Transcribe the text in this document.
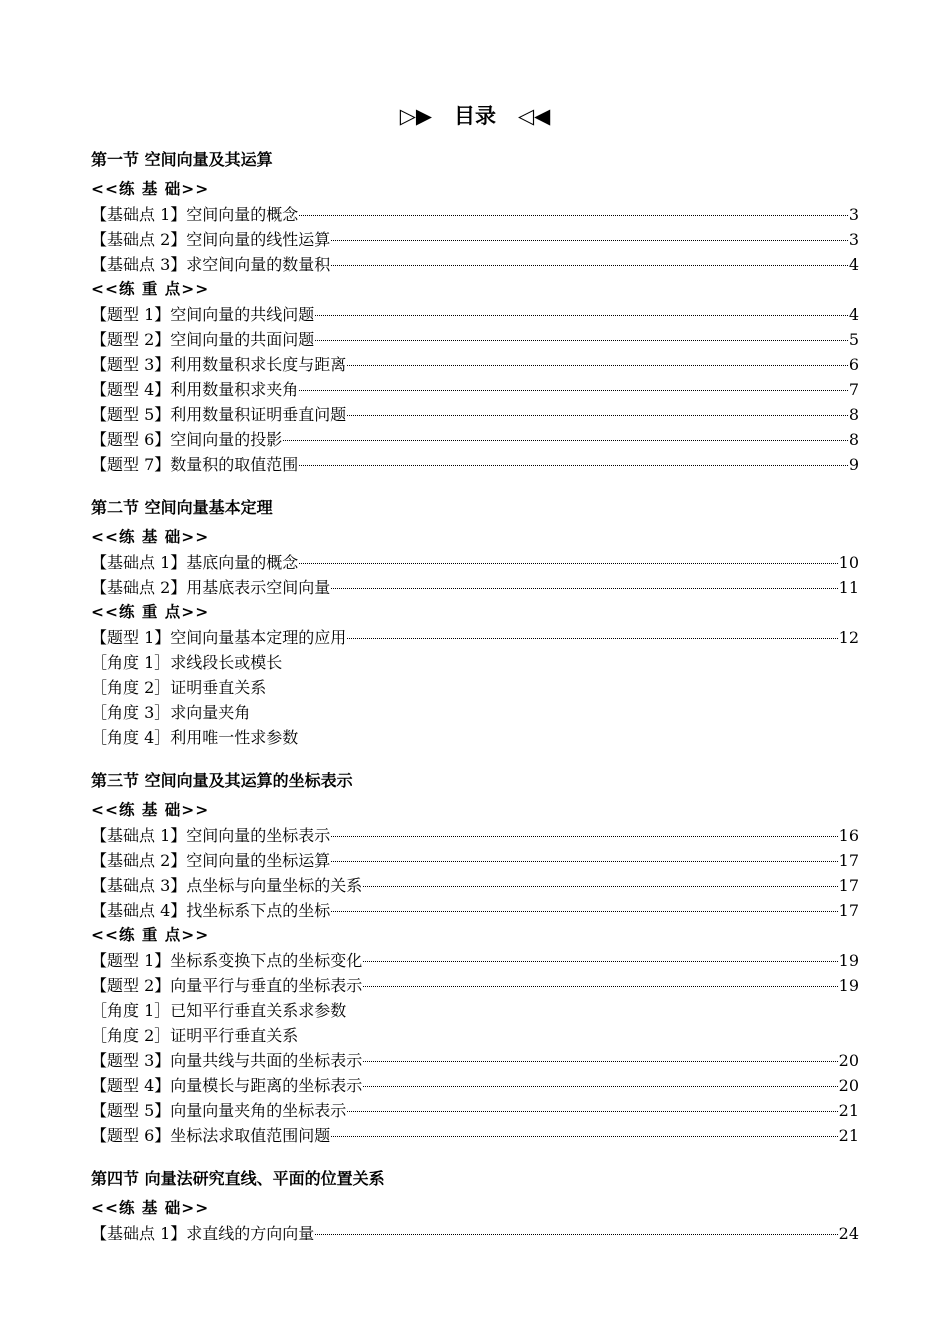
▷▶ 目录 ◁◀
第一节 空间向量及其运算
<<练 基 础>>
【基础点 1】 空间向量的概念	3
【基础点 2】 空间向量的线性运算	3
【基础点 3】 求空间向量的数量积	4
<<练 重 点>>
【题型 1】 空间向量的共线问题	4
【题型 2】 空间向量的共面问题	5
【题型 3】 利用数量积求长度与距离	6
【题型 4】 利用数量积求夹角	7
【题型 5】 利用数量积证明垂直问题	8
【题型 6】 空间向量的投影	8
【题型 7】 数量积的取值范围	9
第二节 空间向量基本定理
<<练 基 础>>
【基础点 1】 基底向量的概念	10
【基础点 2】 用基底表示空间向量	11
<<练 重 点>>
【题型 1】 空间向量基本定理的应用	12
［角度 1］ 求线段长或模长
［角度 2］ 证明垂直关系
［角度 3］ 求向量夹角
［角度 4］ 利用唯一性求参数
第三节 空间向量及其运算的坐标表示
<<练 基 础>>
【基础点 1】 空间向量的坐标表示	16
【基础点 2】 空间向量的坐标运算	17
【基础点 3】 点坐标与向量坐标的关系	17
【基础点 4】 找坐标系下点的坐标	17
<<练 重 点>>
【题型 1】 坐标系变换下点的坐标变化	19
【题型 2】 向量平行与垂直的坐标表示	19
［角度 1］ 已知平行垂直关系求参数
［角度 2］ 证明平行垂直关系
【题型 3】 向量共线与共面的坐标表示	20
【题型 4】 向量模长与距离的坐标表示	20
【题型 5】 向量向量夹角的坐标表示	21
【题型 6】 坐标法求取值范围问题	21
第四节 向量法研究直线、平面的位置关系
<<练 基 础>>
【基础点 1】 求直线的方向向量	24
